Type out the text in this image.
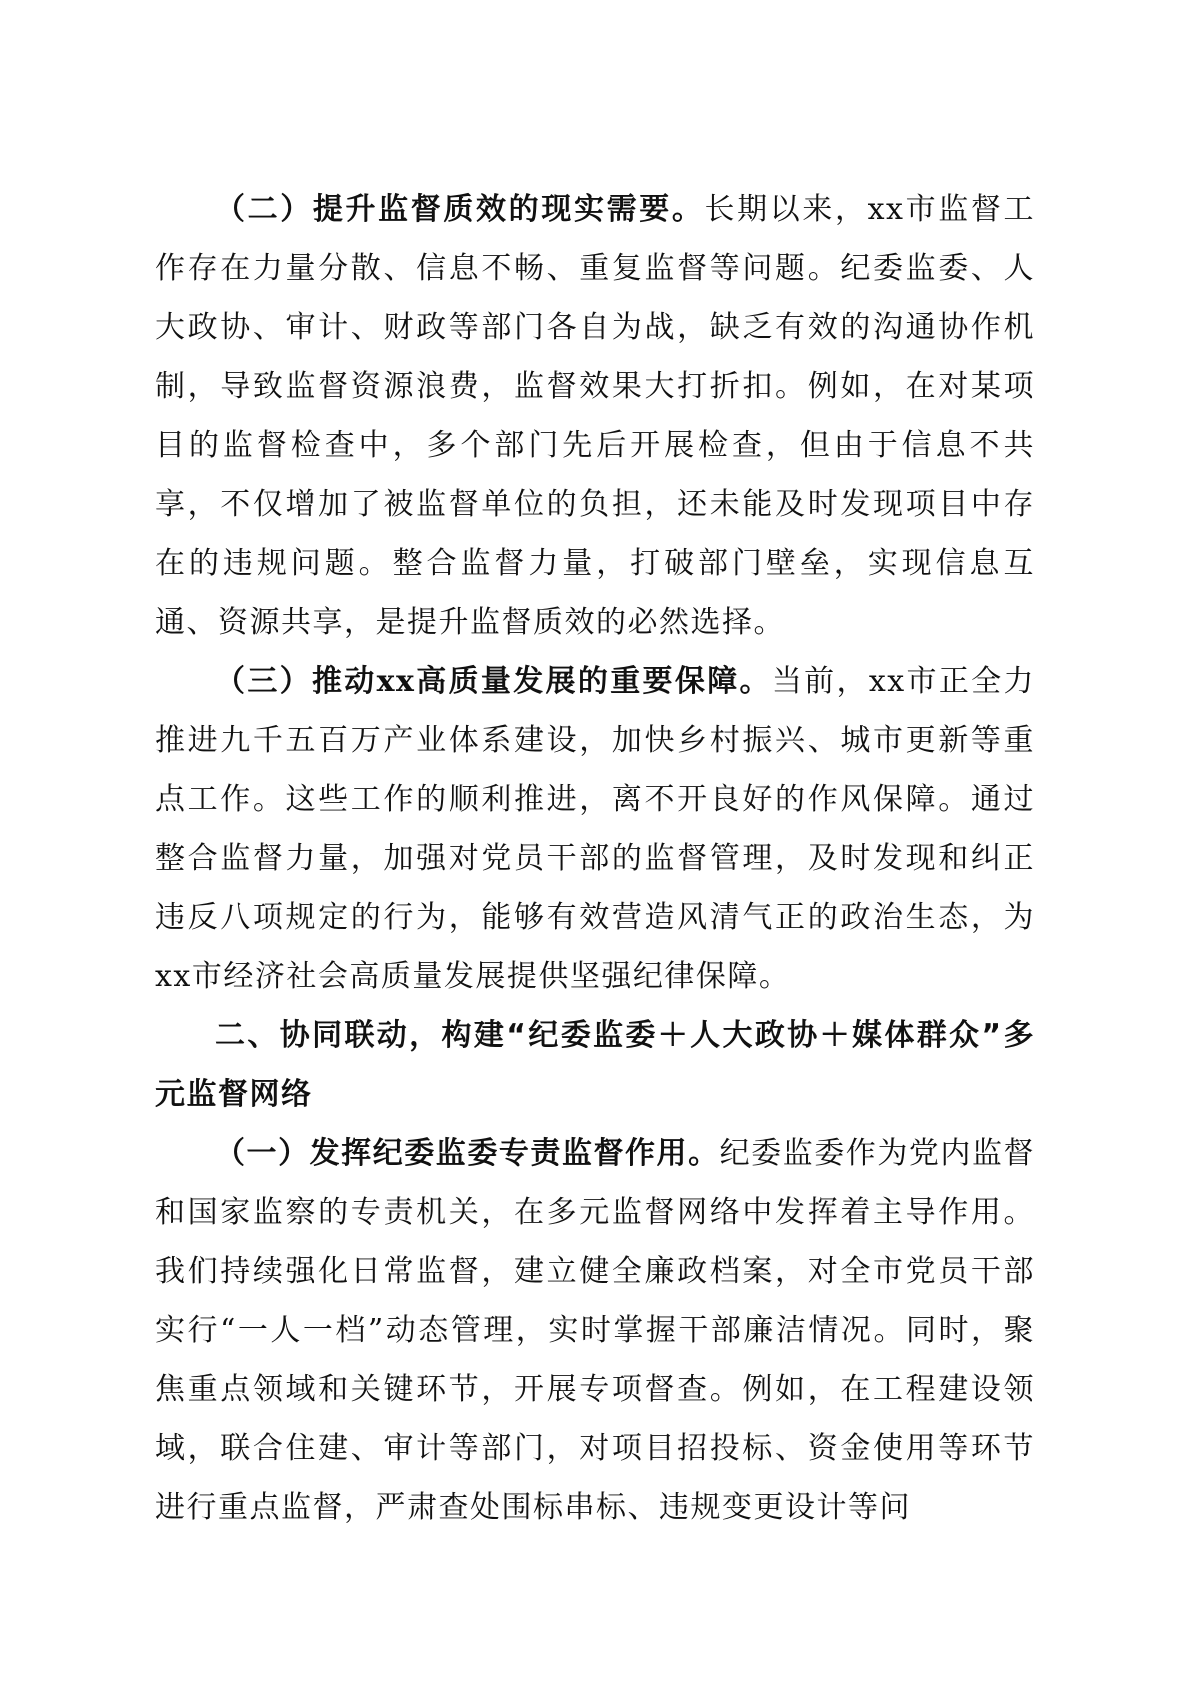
（二）提升监督质效的现实需要。长期以来，xx市监督工作存在力量分散、信息不畅、重复监督等问题。纪委监委、人大政协、审计、财政等部门各自为战，缺乏有效的沟通协作机制，导致监督资源浪费，监督效果大打折扣。例如，在对某项目的监督检查中，多个部门先后开展检查，但由于信息不共享，不仅增加了被监督单位的负担，还未能及时发现项目中存在的违规问题。整合监督力量，打破部门壁垒，实现信息互通、资源共享，是提升监督质效的必然选择。

（三）推动xx高质量发展的重要保障。当前，xx市正全力推进九千五百万产业体系建设，加快乡村振兴、城市更新等重点工作。这些工作的顺利推进，离不开良好的作风保障。通过整合监督力量，加强对党员干部的监督管理，及时发现和纠正违反八项规定的行为，能够有效营造风清气正的政治生态，为xx市经济社会高质量发展提供坚强纪律保障。

二、协同联动，构建“纪委监委＋人大政协＋媒体群众”多元监督网络

（一）发挥纪委监委专责监督作用。纪委监委作为党内监督和国家监察的专责机关，在多元监督网络中发挥着主导作用。我们持续强化日常监督，建立健全廉政档案，对全市党员干部实行“一人一档”动态管理，实时掌握干部廉洁情况。同时，聚焦重点领域和关键环节，开展专项督查。例如，在工程建设领域，联合住建、审计等部门，对项目招投标、资金使用等环节进行重点监督，严肃查处围标串标、违规变更设计等问
